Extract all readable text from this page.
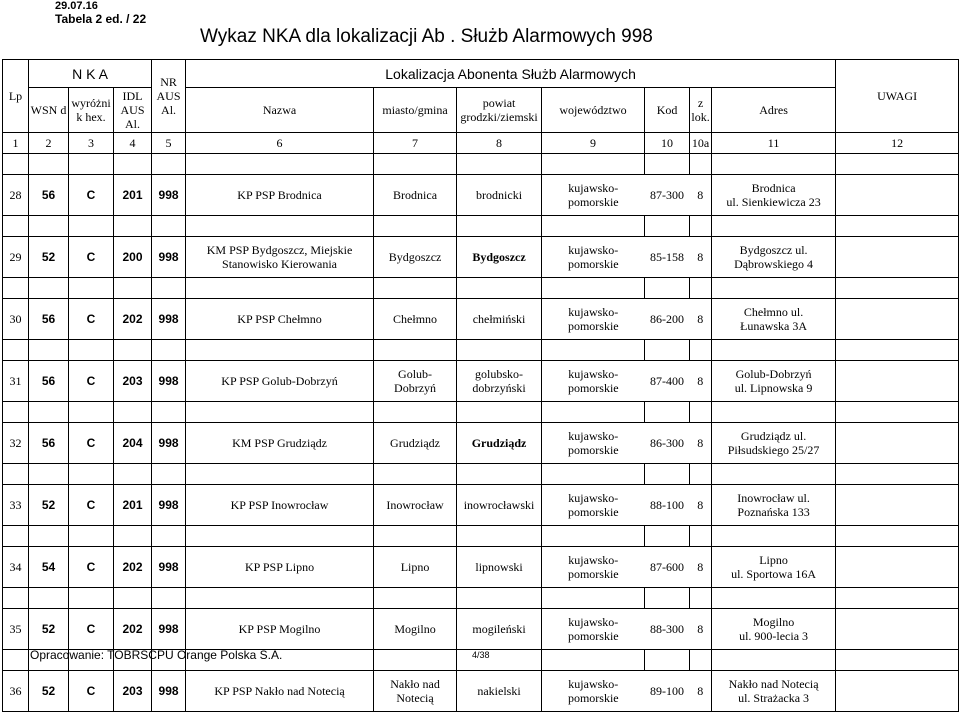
29.07.16
Tabela 2 ed. / 22
Wykaz NKA dla lokalizacji Ab . Służb Alarmowych 998
Lp	N K A			NR
AUS
Al.	Lokalizacja Abonenta Służb Alarmowych							UWAGI
	WSN d	wyróżni
k hex.	IDL
AUS
Al.		Nazwa	miasto/gmina	powiat
grodzki/ziemski	województwo	Kod	z
lok.	Adres	
1	2	3	4	5	6	7	8	9	10	10a	11	12

28	56	C	201	998	KP PSP Brodnica	Brodnica	brodnicki	kujawsko-pomorskie	87-300	8	Brodnica
ul. Sienkiewicza 23	

29	52	C	200	998	KM PSP Bydgoszcz, Miejskie
Stanowisko Kierowania	Bydgoszcz	Bydgoszcz	kujawsko-pomorskie	85-158	8	Bydgoszcz ul.
Dąbrowskiego 4	

30	56	C	202	998	KP PSP Chełmno	Chełmno	chełmiński	kujawsko-pomorskie	86-200	8	Chełmno ul.
Łunawska 3A	

31	56	C	203	998	KP PSP Golub-Dobrzyń	Golub-
Dobrzyń	golubsko-
dobrzyński	kujawsko-pomorskie	87-400	8	Golub-Dobrzyń
ul. Lipnowska 9	

32	56	C	204	998	KM PSP Grudziądz	Grudziądz	Grudziądz	kujawsko-pomorskie	86-300	8	Grudziądz ul.
Piłsudskiego 25/27	

33	52	C	201	998	KP PSP Inowrocław	Inowrocław	inowrocławski	kujawsko-pomorskie	88-100	8	Inowrocław ul.
Poznańska 133	

34	54	C	202	998	KP PSP Lipno	Lipno	lipnowski	kujawsko-pomorskie	87-600	8	Lipno
ul. Sportowa 16A	

35	52	C	202	998	KP PSP Mogilno	Mogilno	mogileński	kujawsko-pomorskie	88-300	8	Mogilno
ul. 900-lecia 3	

36	52	C	203	998	KP PSP Nakło nad Notecią	Nakło nad
Notecią	nakielski	kujawsko-pomorskie	89-100	8	Nakło nad Notecią
ul. Strażacka 3	
Opracowanie: TOBRSCPU Orange Polska S.A.	4/38
